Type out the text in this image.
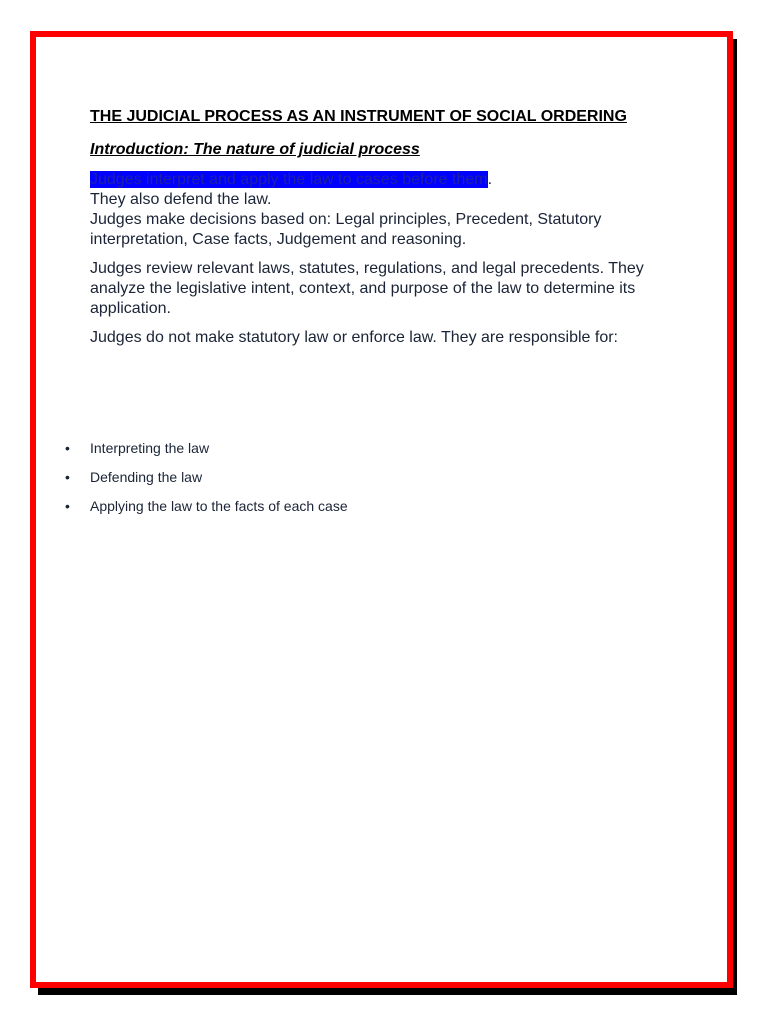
THE JUDICIAL PROCESS AS AN INSTRUMENT OF SOCIAL ORDERING

Introduction: The nature of judicial process

Judges interpret and apply the law to cases before them.

They also defend the law.

Judges make decisions based on: Legal principles, Precedent, Statutory interpretation, Case facts, Judgement and reasoning.

Judges review relevant laws, statutes, regulations, and legal precedents. They analyze the legislative intent, context, and purpose of the law to determine its application.

Judges do not make statutory law or enforce law. They are responsible for:

• Interpreting the law
• Defending the law
• Applying the law to the facts of each case
